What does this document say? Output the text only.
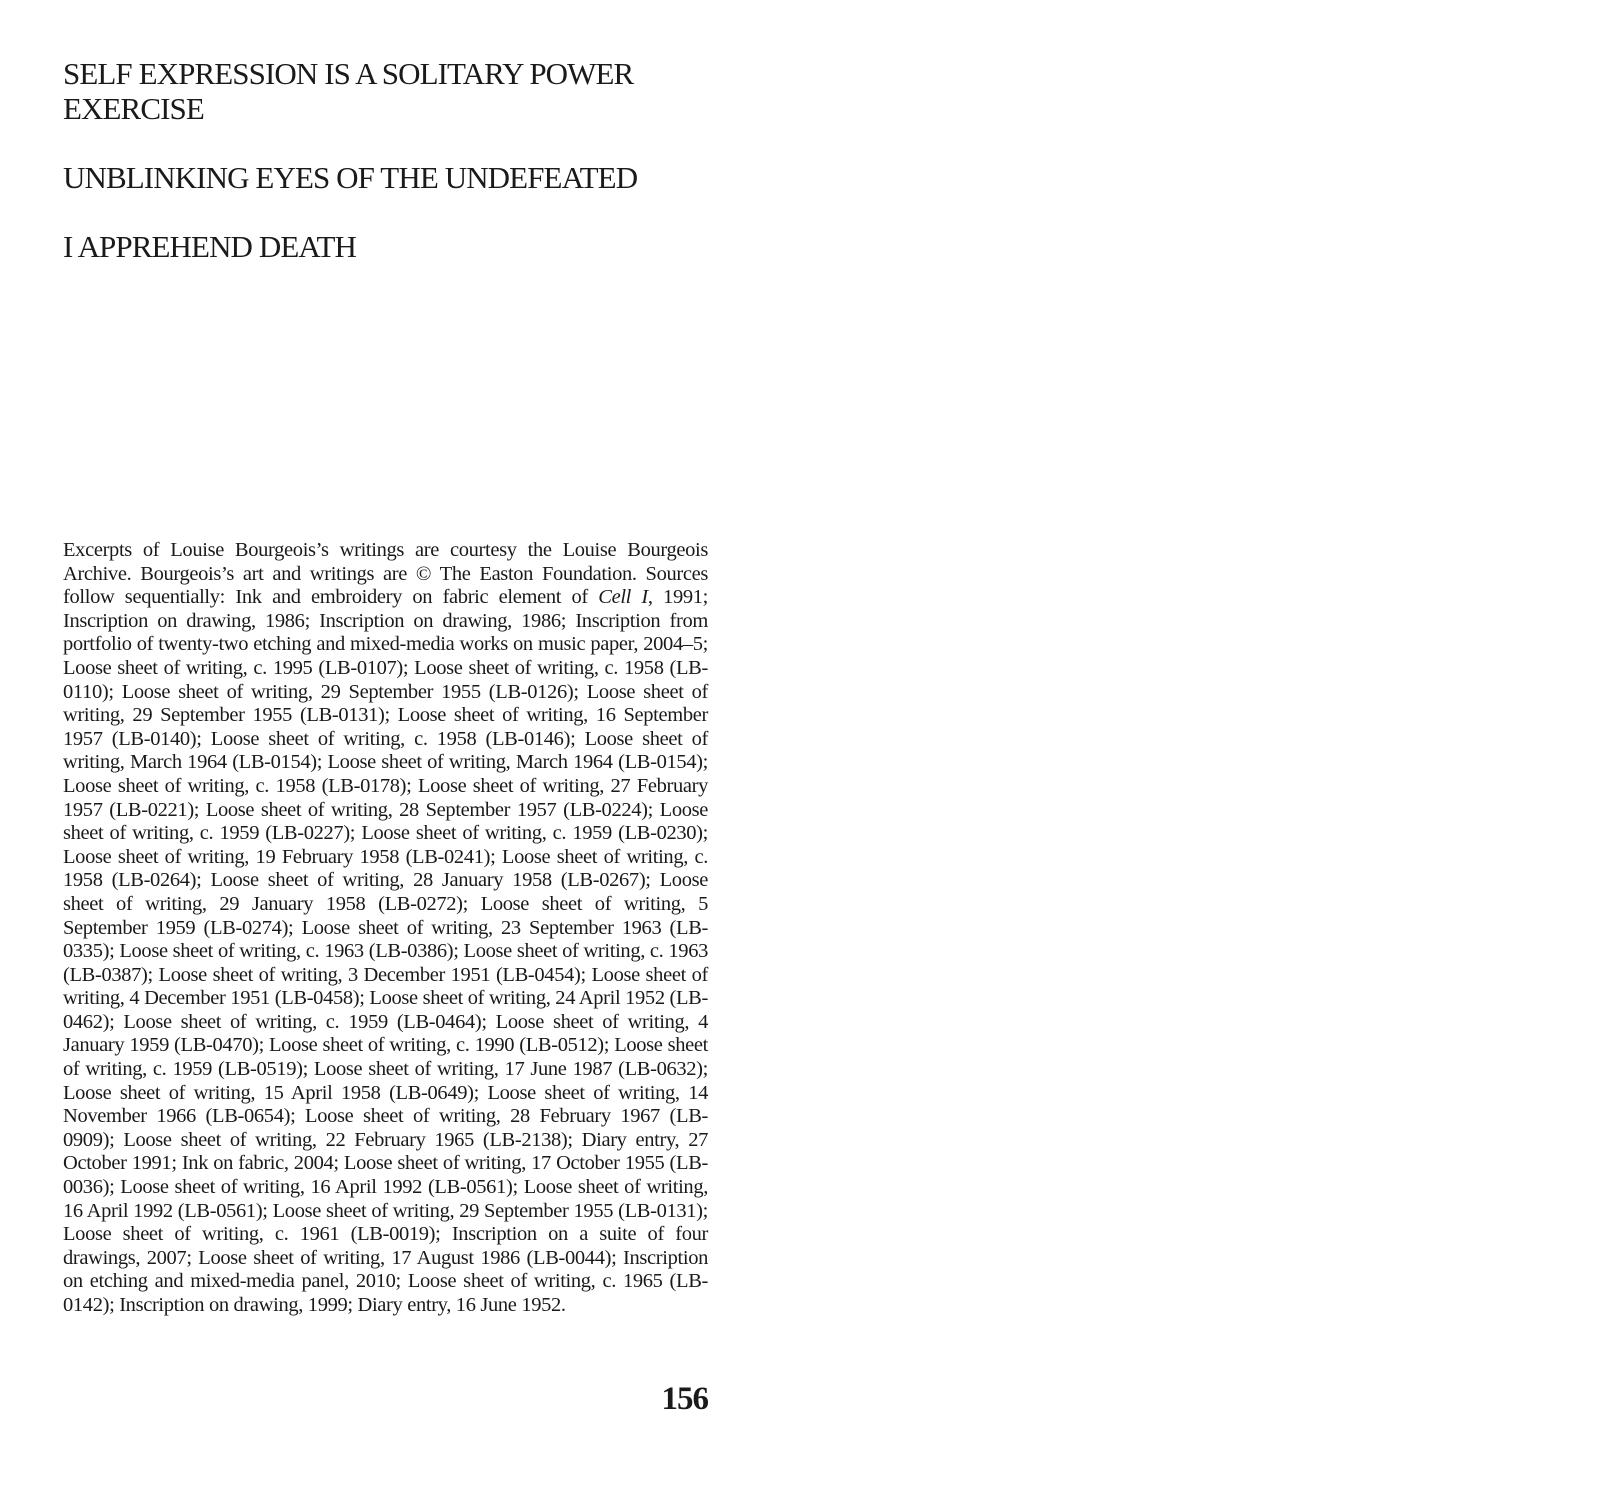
SELF EXPRESSION IS A SOLITARY POWER EXERCISE
UNBLINKING EYES OF THE UNDEFEATED
I APPREHEND DEATH

Excerpts of Louise Bourgeois’s writings are courtesy the Louise Bourgeois Archive. Bourgeois’s art and writings are © The Easton Foundation. Sources follow sequentially: Ink and embroidery on fabric element of Cell I, 1991; Inscription on drawing, 1986; Inscription on drawing, 1986; Inscription from portfolio of twenty-two etching and mixed-media works on music paper, 2004–5; Loose sheet of writing, c. 1995 (LB-0107); Loose sheet of writing, c. 1958 (LB-0110); Loose sheet of writing, 29 September 1955 (LB-0126); Loose sheet of writing, 29 September 1955 (LB-0131); Loose sheet of writing, 16 September 1957 (LB-0140); Loose sheet of writing, c. 1958 (LB-0146); Loose sheet of writing, March 1964 (LB-0154); Loose sheet of writing, March 1964 (LB-0154); Loose sheet of writing, c. 1958 (LB-0178); Loose sheet of writing, 27 February 1957 (LB-0221); Loose sheet of writing, 28 September 1957 (LB-0224); Loose sheet of writing, c. 1959 (LB-0227); Loose sheet of writing, c. 1959 (LB-0230); Loose sheet of writing, 19 February 1958 (LB-0241); Loose sheet of writing, c. 1958 (LB-0264); Loose sheet of writing, 28 January 1958 (LB-0267); Loose sheet of writing, 29 January 1958 (LB-0272); Loose sheet of writing, 5 September 1959 (LB-0274); Loose sheet of writing, 23 September 1963 (LB-0335); Loose sheet of writing, c. 1963 (LB-0386); Loose sheet of writing, c. 1963 (LB-0387); Loose sheet of writing, 3 December 1951 (LB-0454); Loose sheet of writing, 4 December 1951 (LB-0458); Loose sheet of writing, 24 April 1952 (LB-0462); Loose sheet of writing, c. 1959 (LB-0464); Loose sheet of writing, 4 January 1959 (LB-0470); Loose sheet of writing, c. 1990 (LB-0512); Loose sheet of writing, c. 1959 (LB-0519); Loose sheet of writing, 17 June 1987 (LB-0632); Loose sheet of writing, 15 April 1958 (LB-0649); Loose sheet of writing, 14 November 1966 (LB-0654); Loose sheet of writing, 28 February 1967 (LB-0909); Loose sheet of writing, 22 February 1965 (LB-2138); Diary entry, 27 October 1991; Ink on fabric, 2004; Loose sheet of writing, 17 October 1955 (LB-0036); Loose sheet of writing, 16 April 1992 (LB-0561); Loose sheet of writing, 16 April 1992 (LB-0561); Loose sheet of writing, 29 September 1955 (LB-0131); Loose sheet of writing, c. 1961 (LB-0019); Inscription on a suite of four drawings, 2007; Loose sheet of writing, 17 August 1986 (LB-0044); Inscription on etching and mixed-media panel, 2010; Loose sheet of writing, c. 1965 (LB-0142); Inscription on drawing, 1999; Diary entry, 16 June 1952.

156
